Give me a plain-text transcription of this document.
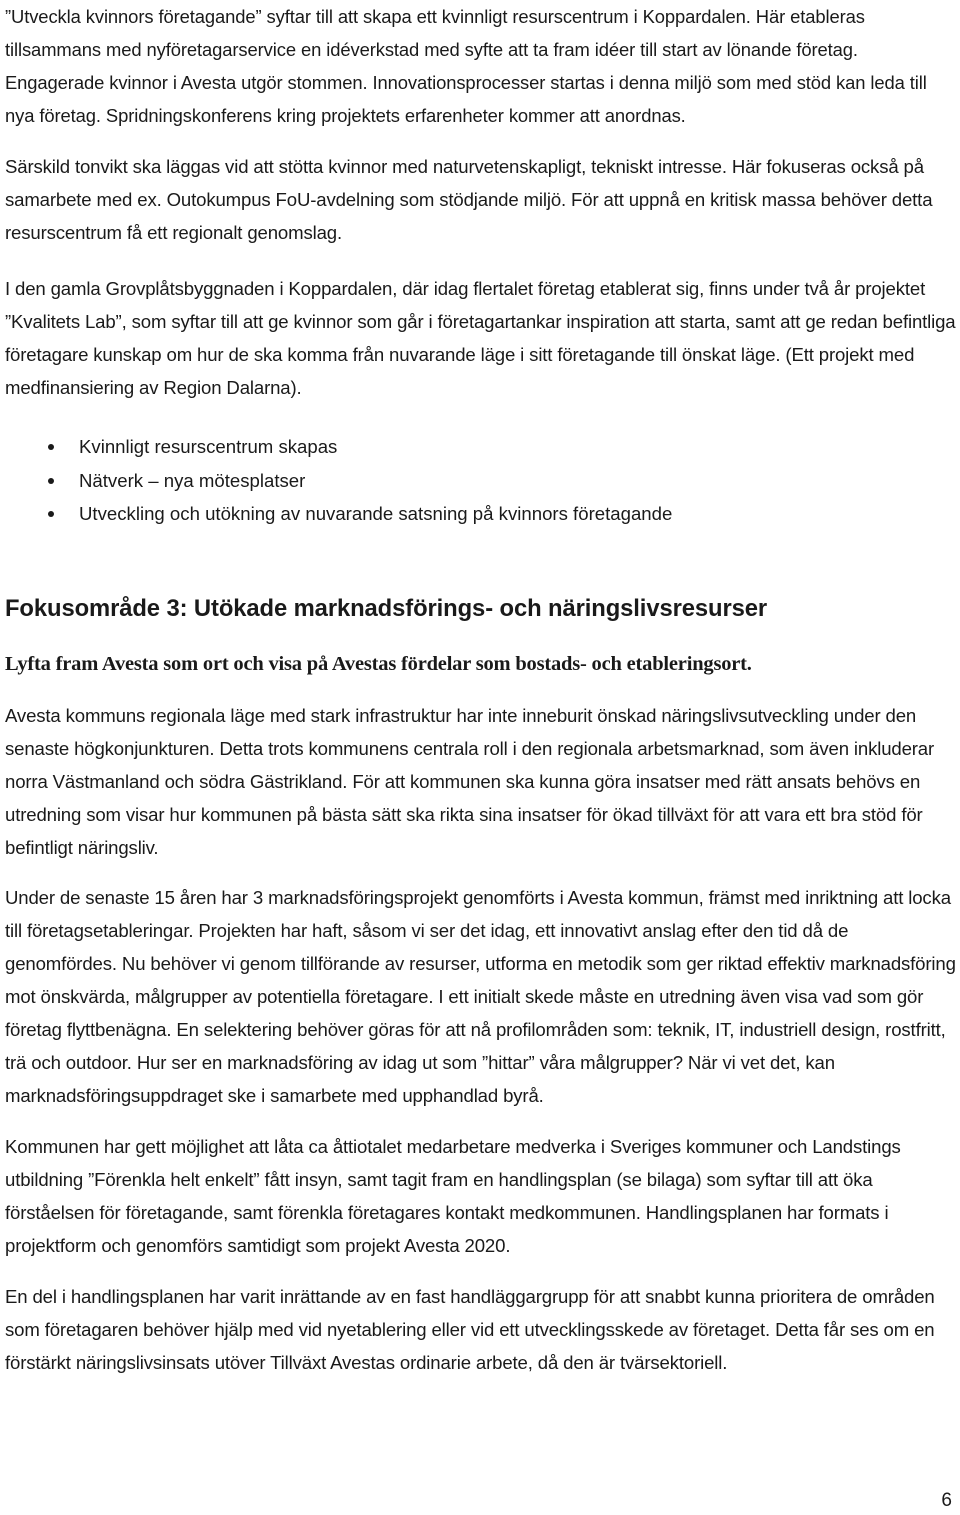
”Utveckla kvinnors företagande” syftar till att skapa ett kvinnligt resurscentrum i Koppardalen. Här etableras tillsammans med nyföretagarservice en idéverkstad med syfte att ta fram idéer till start av lönande företag. Engagerade kvinnor i Avesta utgör stommen. Innovationsprocesser startas i denna miljö som med stöd kan leda till nya företag. Spridningskonferens kring projektets erfarenheter kommer att anordnas.

Särskild tonvikt ska läggas vid att stötta kvinnor med naturvetenskapligt, tekniskt intresse. Här fokuseras också på samarbete med ex. Outokumpus FoU-avdelning som stödjande miljö. För att uppnå en kritisk massa behöver detta resurscentrum få ett regionalt genomslag.

I den gamla Grovplåtsbyggnaden i Koppardalen, där idag flertalet företag etablerat sig, finns under två år projektet ”Kvalitets Lab”, som syftar till att ge kvinnor som går i företagartankar inspiration att starta, samt att ge redan befintliga företagare kunskap om hur de ska komma från nuvarande läge i sitt företagande till önskat läge. (Ett projekt med medfinansiering av Region Dalarna).

Kvinnligt resurscentrum skapas
Nätverk – nya mötesplatser
Utveckling och utökning av nuvarande satsning på kvinnors företagande
Fokusområde 3: Utökade marknadsförings- och näringslivsresurser
Lyfta fram Avesta som ort och visa på Avestas fördelar som bostads- och etableringsort.

Avesta kommuns regionala läge med stark infrastruktur har inte inneburit önskad näringslivsutveckling under den senaste högkonjunkturen. Detta trots kommunens centrala roll i den regionala arbetsmarknad, som även inkluderar norra Västmanland och södra Gästrikland. För att kommunen ska kunna göra insatser med rätt ansats behövs en utredning som visar hur kommunen på bästa sätt ska rikta sina insatser för ökad tillväxt för att vara ett bra stöd för befintligt näringsliv.

Under de senaste 15 åren har 3 marknadsföringsprojekt genomförts i Avesta kommun, främst med inriktning att locka till företagsetableringar. Projekten har haft, såsom vi ser det idag, ett innovativt anslag efter den tid då de genomfördes. Nu behöver vi genom tillförande av resurser, utforma en metodik som ger riktad effektiv marknadsföring mot önskvärda, målgrupper av potentiella företagare. I ett initialt skede måste en utredning även visa vad som gör företag flyttbenägna. En selektering behöver göras för att nå profilområden som: teknik, IT, industriell design, rostfritt, trä och outdoor. Hur ser en marknadsföring av idag ut som ”hittar” våra målgrupper? När vi vet det, kan marknadsföringsuppdraget ske i samarbete med upphandlad byrå.

Kommunen har gett möjlighet att låta ca åttiotalet medarbetare medverka i Sveriges kommuner och Landstings utbildning ”Förenkla helt enkelt” fått insyn, samt tagit fram en handlingsplan (se bilaga) som syftar till att öka förståelsen för företagande, samt förenkla företagares kontakt medkommunen. Handlingsplanen har formats i projektform och genomförs samtidigt som projekt Avesta 2020.

En del i handlingsplanen har varit inrättande av en fast handläggargrupp för att snabbt kunna prioritera de områden som företagaren behöver hjälp med vid nyetablering eller vid ett utvecklingsskede av företaget. Detta får ses om en förstärkt näringslivsinsats utöver Tillväxt Avestas ordinarie arbete, då den är tvärsektoriell.

6
